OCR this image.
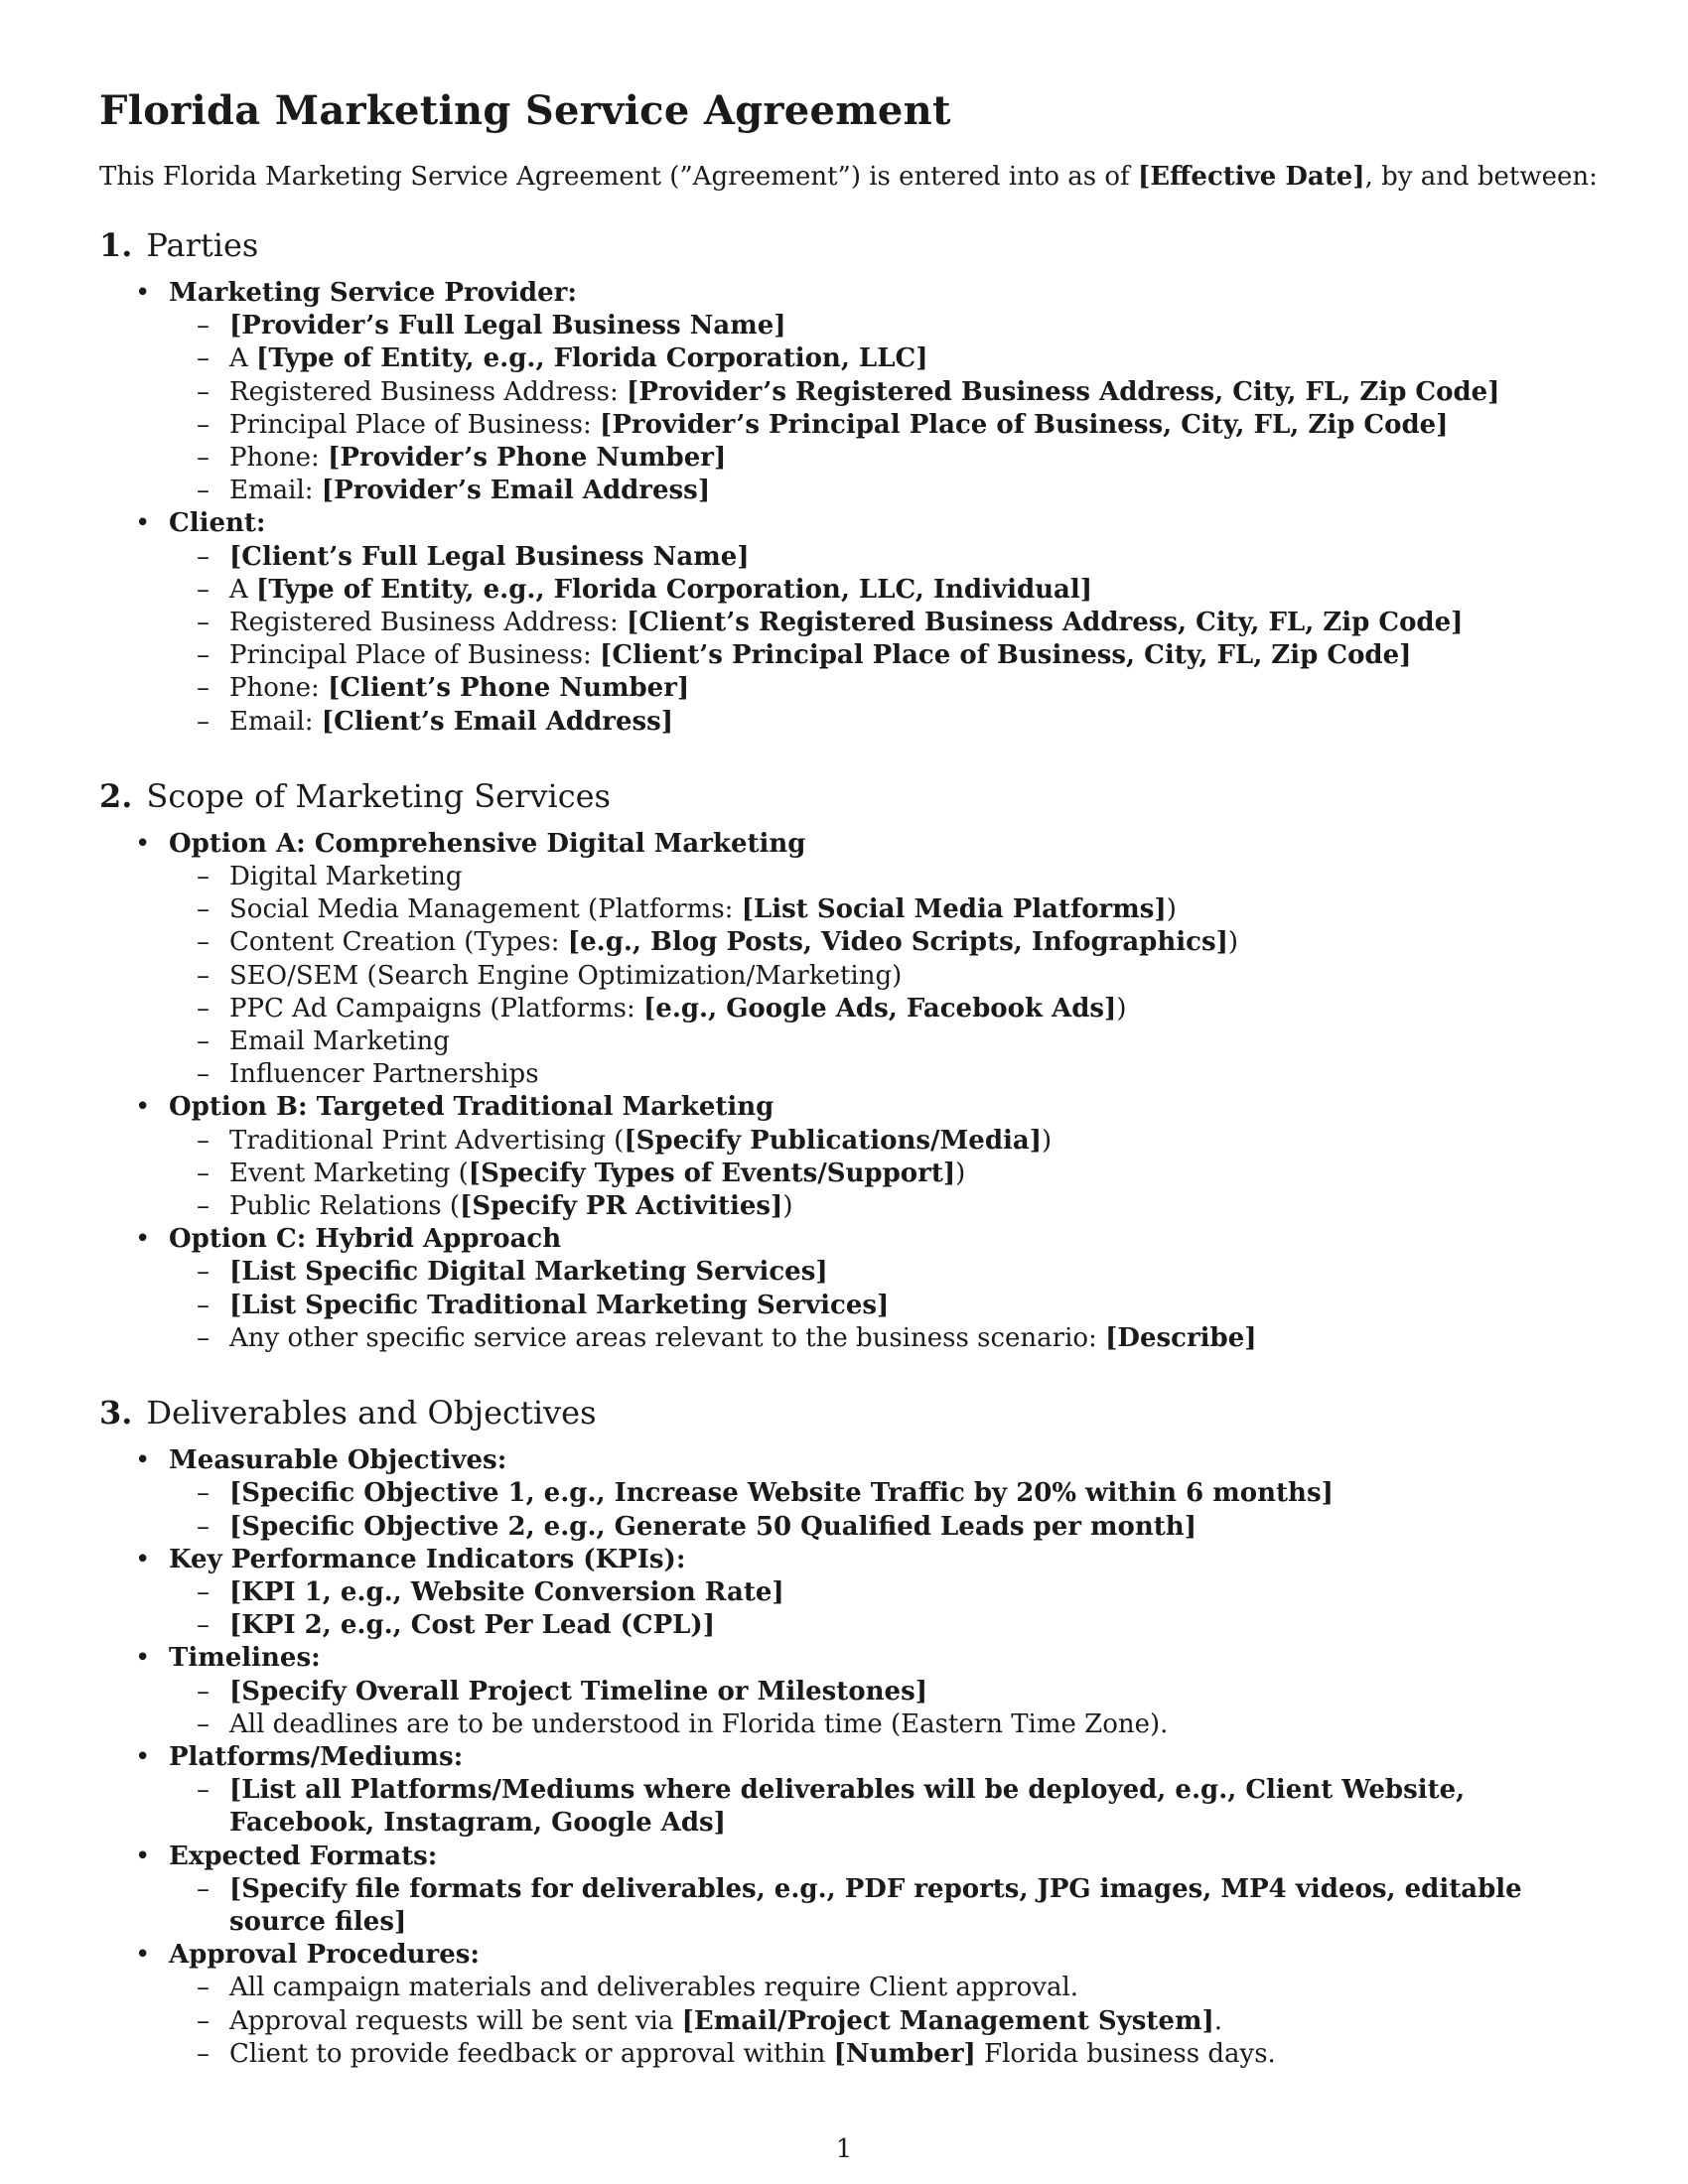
Florida Marketing Service Agreement

This Florida Marketing Service Agreement (”Agreement”) is entered into as of [Effective Date], by and between:

1. Parties
• Marketing Service Provider:
– [Provider’s Full Legal Business Name]
– A [Type of Entity, e.g., Florida Corporation, LLC]
– Registered Business Address: [Provider’s Registered Business Address, City, FL, Zip Code]
– Principal Place of Business: [Provider’s Principal Place of Business, City, FL, Zip Code]
– Phone: [Provider’s Phone Number]
– Email: [Provider’s Email Address]
• Client:
– [Client’s Full Legal Business Name]
– A [Type of Entity, e.g., Florida Corporation, LLC, Individual]
– Registered Business Address: [Client’s Registered Business Address, City, FL, Zip Code]
– Principal Place of Business: [Client’s Principal Place of Business, City, FL, Zip Code]
– Phone: [Client’s Phone Number]
– Email: [Client’s Email Address]
2. Scope of Marketing Services
• Option A: Comprehensive Digital Marketing
– Digital Marketing
– Social Media Management (Platforms: [List Social Media Platforms])
– Content Creation (Types: [e.g., Blog Posts, Video Scripts, Infographics])
– SEO/SEM (Search Engine Optimization/Marketing)
– PPC Ad Campaigns (Platforms: [e.g., Google Ads, Facebook Ads])
– Email Marketing
– Influencer Partnerships
• Option B: Targeted Traditional Marketing
– Traditional Print Advertising ([Specify Publications/Media])
– Event Marketing ([Specify Types of Events/Support])
– Public Relations ([Specify PR Activities])
• Option C: Hybrid Approach
– [List Specific Digital Marketing Services]
– [List Specific Traditional Marketing Services]
– Any other specific service areas relevant to the business scenario: [Describe]
3. Deliverables and Objectives
• Measurable Objectives:
– [Specific Objective 1, e.g., Increase Website Traffic by 20% within 6 months]
– [Specific Objective 2, e.g., Generate 50 Qualified Leads per month]
• Key Performance Indicators (KPIs):
– [KPI 1, e.g., Website Conversion Rate]
– [KPI 2, e.g., Cost Per Lead (CPL)]
• Timelines:
– [Specify Overall Project Timeline or Milestones]
– All deadlines are to be understood in Florida time (Eastern Time Zone).
• Platforms/Mediums:
– [List all Platforms/Mediums where deliverables will be deployed, e.g., Client Website, Facebook, Instagram, Google Ads]
• Expected Formats:
– [Specify file formats for deliverables, e.g., PDF reports, JPG images, MP4 videos, editable source files]
• Approval Procedures:
– All campaign materials and deliverables require Client approval.
– Approval requests will be sent via [Email/Project Management System].
– Client to provide feedback or approval within [Number] Florida business days.
1
